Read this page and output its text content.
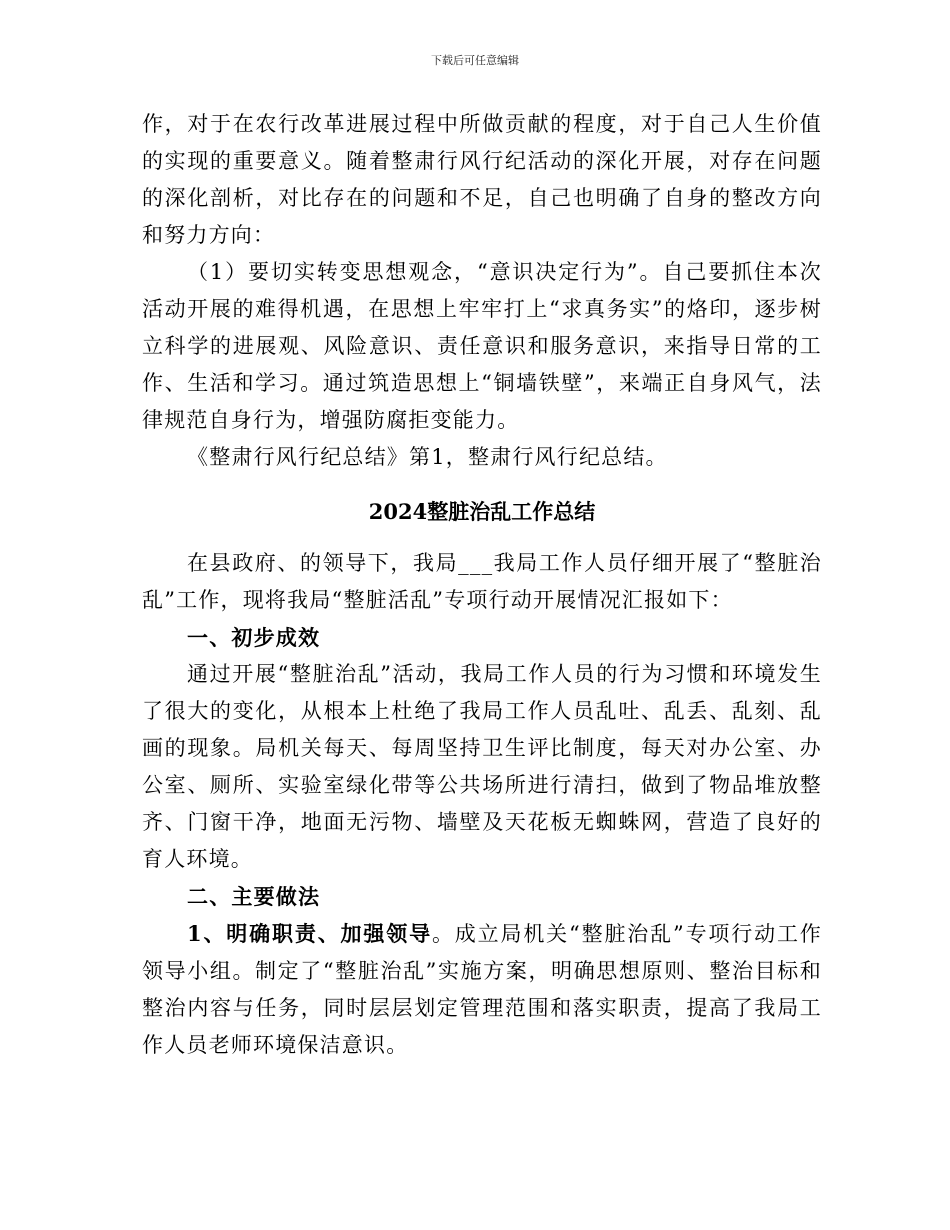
下载后可任意编辑

作，对于在农行改革进展过程中所做贡献的程度，对于自己人生价值的实现的重要意义。随着整肃行风行纪活动的深化开展，对存在问题的深化剖析，对比存在的问题和不足，自己也明确了自身的整改方向和努力方向：

（1）要切实转变思想观念，“意识决定行为”。自己要抓住本次活动开展的难得机遇，在思想上牢牢打上“求真务实”的烙印，逐步树立科学的进展观、风险意识、责任意识和服务意识，来指导日常的工作、生活和学习。通过筑造思想上“铜墙铁壁”，来端正自身风气，法律规范自身行为，增强防腐拒变能力。

《整肃行风行纪总结》第1，整肃行风行纪总结。

2024整脏治乱工作总结

在县政府、的领导下，我局___我局工作人员仔细开展了“整脏治乱”工作，现将我局“整脏活乱”专项行动开展情况汇报如下：

一、初步成效

通过开展“整脏治乱”活动，我局工作人员的行为习惯和环境发生了很大的变化，从根本上杜绝了我局工作人员乱吐、乱丢、乱刻、乱画的现象。局机关每天、每周坚持卫生评比制度，每天对办公室、办公室、厕所、实验室绿化带等公共场所进行清扫，做到了物品堆放整齐、门窗干净，地面无污物、墙壁及天花板无蜘蛛网，营造了良好的育人环境。

二、主要做法

1、明确职责、加强领导。成立局机关“整脏治乱”专项行动工作领导小组。制定了“整脏治乱”实施方案，明确思想原则、整治目标和整治内容与任务，同时层层划定管理范围和落实职责，提高了我局工作人员老师环境保洁意识。
